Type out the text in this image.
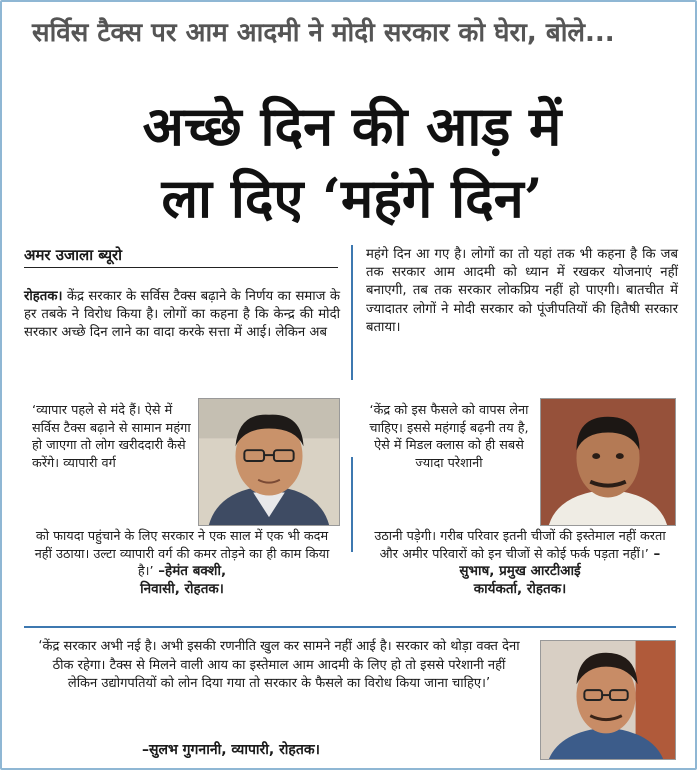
सर्विस टैक्स पर आम आदमी ने मोदी सरकार को घेरा, बोले...
अच्छे दिन की आड़ में
ला दिए ‘महंगे दिन’
अमर उजाला ब्यूरो
रोहतक। केंद्र सरकार के सर्विस टैक्स बढ़ाने के निर्णय का समाज के हर तबके ने विरोध किया है। लोगों का कहना है कि केन्द्र की मोदी सरकार अच्छे दिन लाने का वादा करके सत्ता में आई। लेकिन अब
महंगे दिन आ गए है। लोगों का तो यहां तक भी कहना है कि जब तक सरकार आम आदमी को ध्यान में रखकर योजनाएं नहीं बनाएगी, तब तक सरकार लोकप्रिय नहीं हो पाएगी। बातचीत में ज्यादातर लोगों ने मोदी सरकार को पूंजीपतियों की हितैषी सरकार बताया।
‘व्यापार पहले से मंदे हैं। ऐसे में सर्विस टैक्स बढ़ाने से सामान महंगा हो जाएगा तो लोग खरीददारी कैसे करेंगे। व्यापारी वर्ग
को फायदा पहुंचाने के लिए सरकार ने एक साल में एक भी कदम नहीं उठाया। उल्टा व्यापारी वर्ग की कमर तोड़ने का ही काम किया है।’ –हेमंत बक्शी,
निवासी, रोहतक।
‘केंद्र को इस फैसले को वापस लेना चाहिए। इससे महंगाई बढ़नी तय है, ऐसे में मिडल क्लास को ही सबसे ज्यादा परेशानी
उठानी पड़ेगी। गरीब परिवार इतनी चीजों की इस्तेमाल नहीं करता और अमीर परिवारों को इन चीजों से कोई फर्क पड़ता नहीं।’ –सुभाष, प्रमुख आरटीआई
कार्यकर्ता, रोहतक।
‘केंद्र सरकार अभी नई है। अभी इसकी रणनीति खुल कर सामने नहीं आई है। सरकार को थोड़ा वक्त देना ठीक रहेगा। टैक्स से मिलने वाली आय का इस्तेमाल आम आदमी के लिए हो तो इससे परेशानी नहीं लेकिन उद्योगपतियों को लोन दिया गया तो सरकार के फैसले का विरोध किया जाना चाहिए।’
–सुलभ गुगनानी, व्यापारी, रोहतक।
